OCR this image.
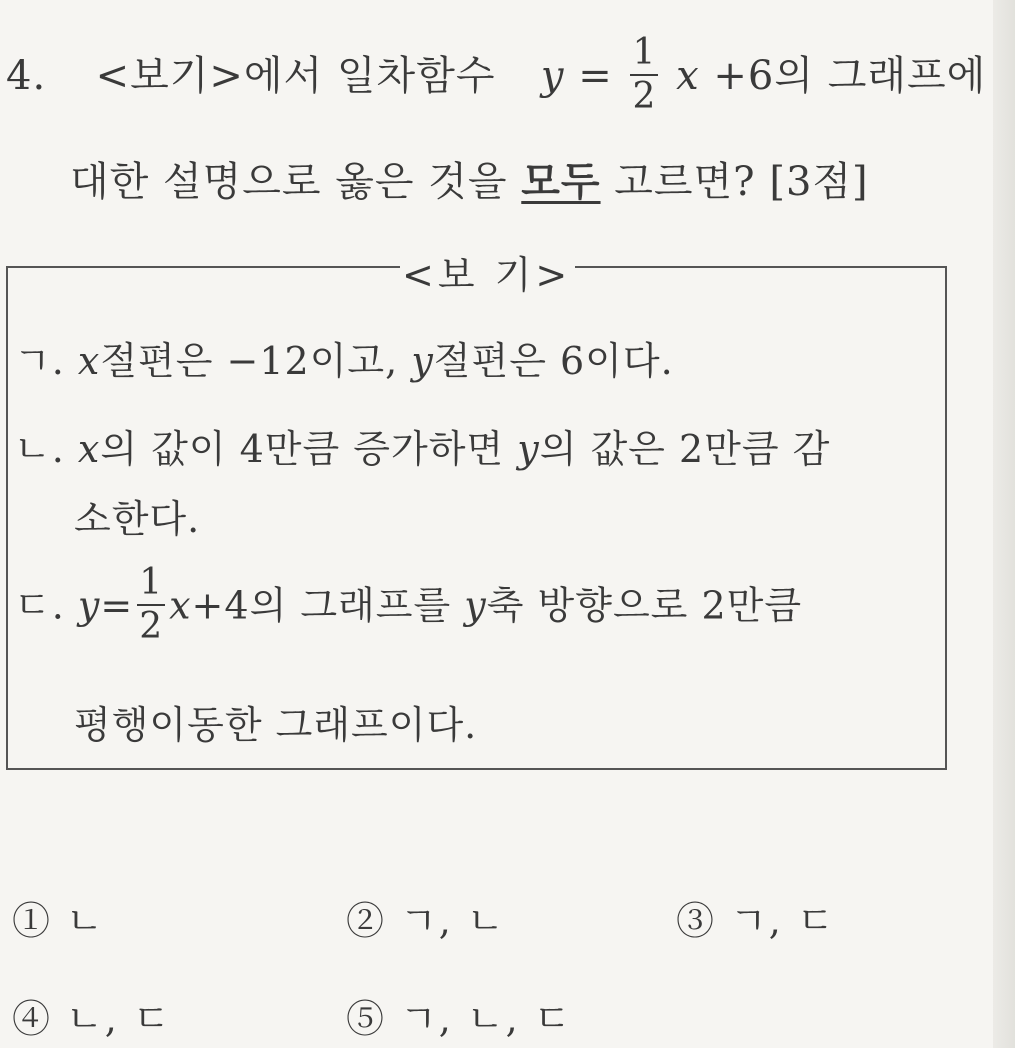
4. <보기>에서 일차함수 $y = \frac{1}{2}$ x +6의 그래프에
대한 설명으로 옳은 것을 모두 고르면? [3점]
<보 기>
ㄱ. x절편은 −12이고, y절편은 6이다.
ㄴ. x의 값이 4만큼 증가하면 y의 값은 2만큼 감
소한다.
ㄷ. $y= \frac{1}{2} x+4$의 그래프를 y축 방향으로 2만큼
평행이동한 그래프이다.
① ㄴ	② ㄱ, ㄴ	③ ㄱ, ㄷ
④ ㄴ, ㄷ	⑤ ㄱ, ㄴ, ㄷ
